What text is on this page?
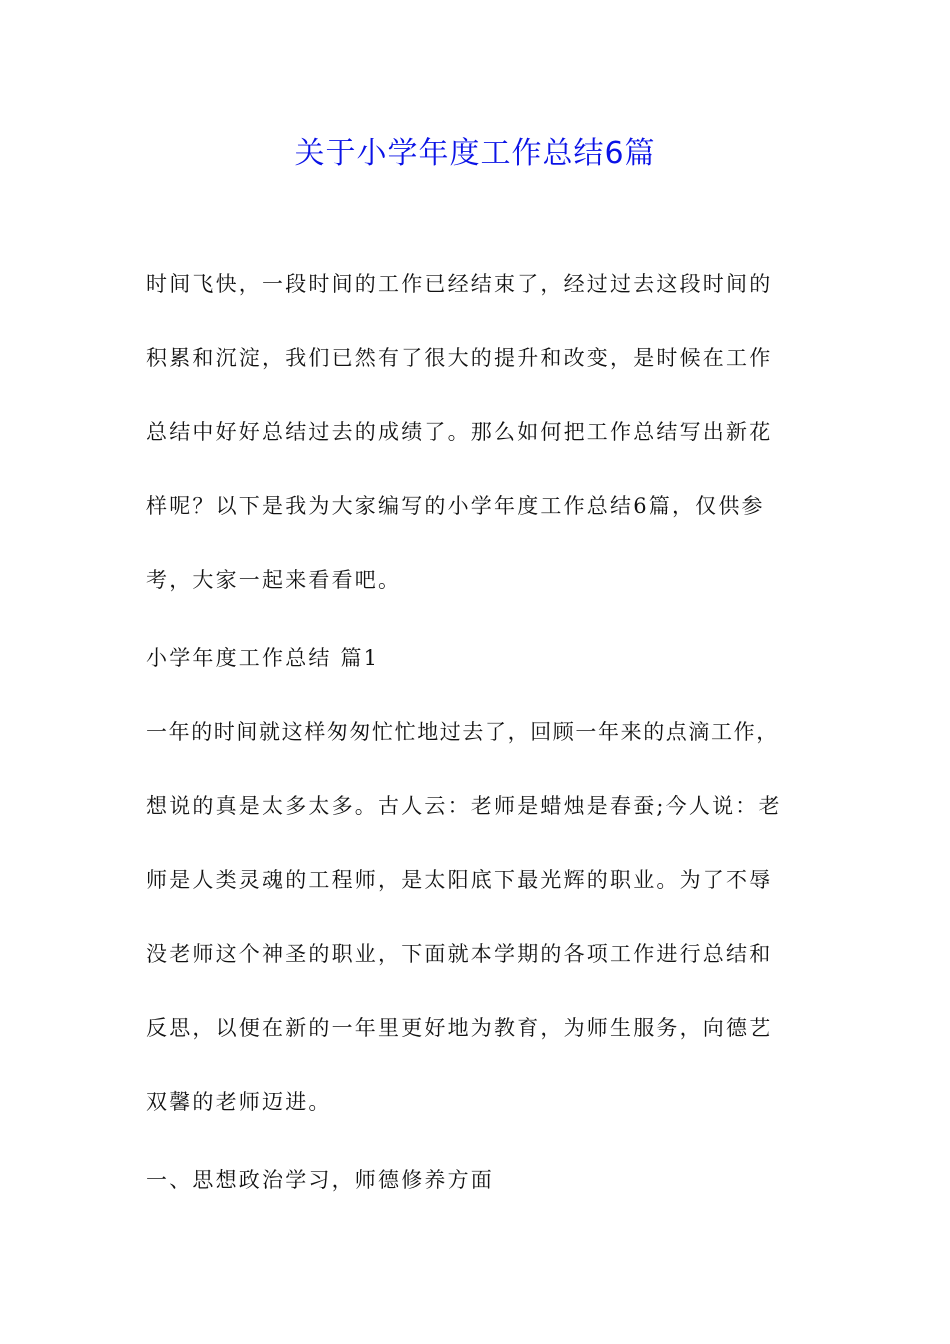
关于小学年度工作总结6篇
时间飞快，一段时间的工作已经结束了，经过过去这段时间的
积累和沉淀，我们已然有了很大的提升和改变，是时候在工作
总结中好好总结过去的成绩了。那么如何把工作总结写出新花
样呢？以下是我为大家编写的小学年度工作总结6篇，仅供参
考，大家一起来看看吧。
小学年度工作总结 篇1
一年的时间就这样匆匆忙忙地过去了，回顾一年来的点滴工作，
想说的真是太多太多。古人云：老师是蜡烛是春蚕;今人说：老
师是人类灵魂的工程师，是太阳底下最光辉的职业。为了不辱
没老师这个神圣的职业，下面就本学期的各项工作进行总结和
反思，以便在新的一年里更好地为教育，为师生服务，向德艺
双馨的老师迈进。
一、思想政治学习，师德修养方面
